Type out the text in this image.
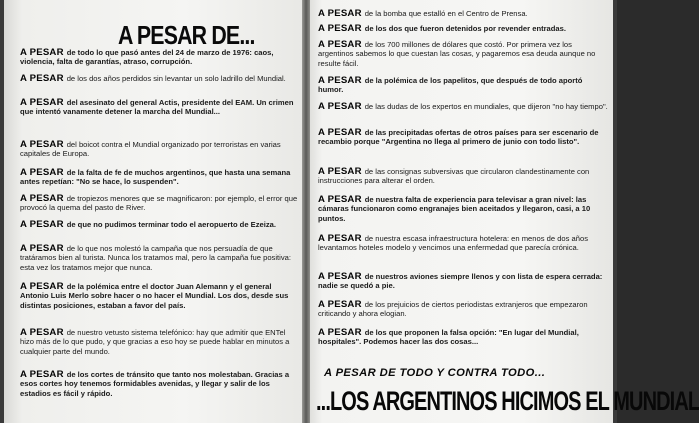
A PESAR DE...
A PESAR de todo lo que pasó antes del 24 de marzo de 1976: caos, violencia, falta de garantías, atraso, corrupción.
A PESAR de los dos años perdidos sin levantar un solo ladrillo del Mundial.
A PESAR del asesinato del general Actis, presidente del EAM. Un crimen que intentó vanamente detener la marcha del Mundial...
A PESAR del boicot contra el Mundial organizado por terroristas en varias capitales de Europa.
A PESAR de la falta de fe de muchos argentinos, que hasta una semana antes repetían: "No se hace, lo suspenden".
A PESAR de tropiezos menores que se magnificaron: por ejemplo, el error que provocó la quema del pasto de River.
A PESAR de que no pudimos terminar todo el aeropuerto de Ezeiza.
A PESAR de lo que nos molestó la campaña que nos persuadía de que tratáramos bien al turista. Nunca los tratamos mal, pero la campaña fue positiva: esta vez los tratamos mejor que nunca.
A PESAR de la polémica entre el doctor Juan Alemann y el general Antonio Luis Merlo sobre hacer o no hacer el Mundial. Los dos, desde sus distintas posiciones, estaban a favor del país.
A PESAR de nuestro vetusto sistema telefónico: hay que admitir que ENTel hizo más de lo que pudo, y que gracias a eso hoy se puede hablar en minutos a cualquier parte del mundo.
A PESAR de los cortes de tránsito que tanto nos molestaban. Gracias a esos cortes hoy tenemos formidables avenidas, y llegar y salir de los estadios es fácil y rápido.
A PESAR de la bomba que estalló en el Centro de Prensa.
A PESAR de los dos que fueron detenidos por revender entradas.
A PESAR de los 700 millones de dólares que costó. Por primera vez los argentinos sabemos lo que cuestan las cosas, y pagaremos esa deuda aunque no resulte fácil.
A PESAR de la polémica de los papelitos, que después de todo aportó humor.
A PESAR de las dudas de los expertos en mundiales, que dijeron "no hay tiempo".
A PESAR de las precipitadas ofertas de otros países para ser escenario de recambio porque "Argentina no llega al primero de junio con todo listo".
A PESAR de las consignas subversivas que circularon clandestinamente con instrucciones para alterar el orden.
A PESAR de nuestra falta de experiencia para televisar a gran nivel: las cámaras funcionaron como engranajes bien aceitados y llegaron, casi, a 10 puntos.
A PESAR de nuestra escasa infraestructura hotelera: en menos de dos años levantamos hoteles modelo y vencimos una enfermedad que parecía crónica.
A PESAR de nuestros aviones siempre llenos y con lista de espera cerrada: nadie se quedó a pie.
A PESAR de los prejuicios de ciertos periodistas extranjeros que empezaron criticando y ahora elogian.
A PESAR de los que proponen la falsa opción: "En lugar del Mundial, hospitales". Podemos hacer las dos cosas...
A PESAR DE TODO Y CONTRA TODO...
...LOS ARGENTINOS HICIMOS EL MUNDIAL
